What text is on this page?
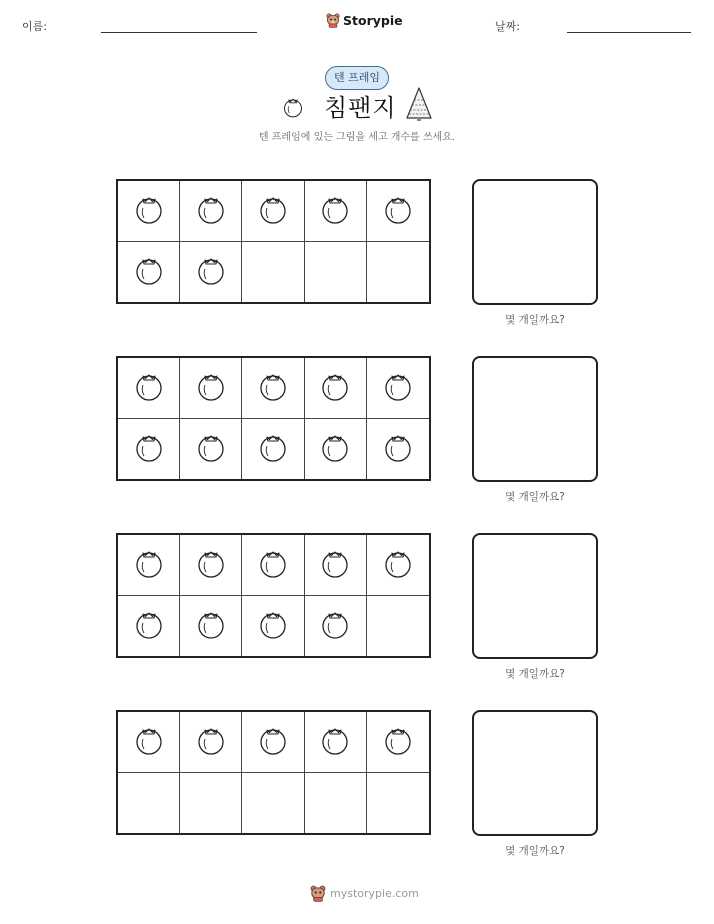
이름:	Storypie	날짜:
텐 프레임
침팬지
텐 프레임에 있는 그림을 세고 개수를 쓰세요.
몇 개일까요?
몇 개일까요?
몇 개일까요?
몇 개일까요?
mystorypie.com
